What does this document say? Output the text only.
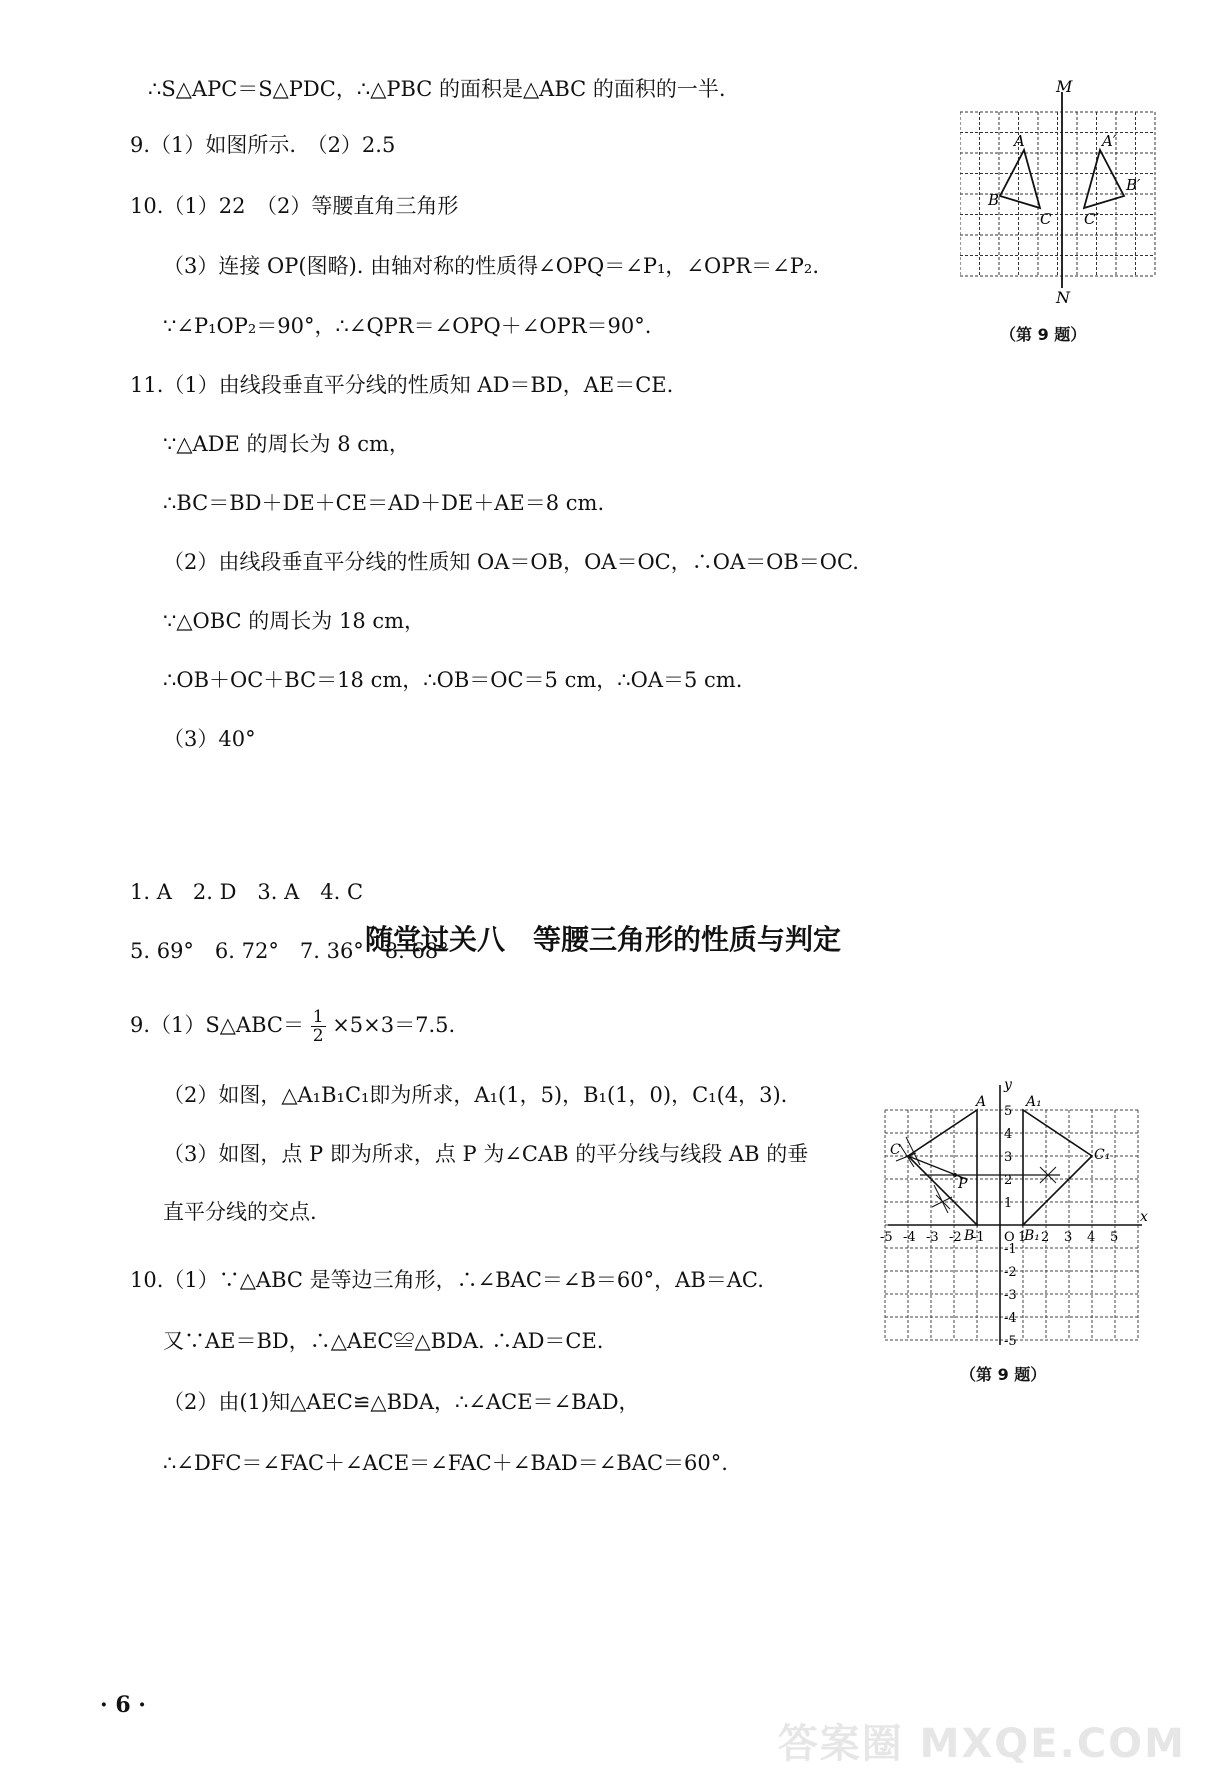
∴S△APC＝S△PDC，∴△PBC 的面积是△ABC 的面积的一半.
9.（1）如图所示.　（2）2.5
10.（1）22　（2）等腰直角三角形
（3）连接 OP(图略). 由轴对称的性质得∠OPQ＝∠P₁，∠OPR＝∠P₂.
∵∠P₁OP₂＝90°，∴∠QPR＝∠OPQ＋∠OPR＝90°.
11.（1）由线段垂直平分线的性质知 AD＝BD，AE＝CE.
∵△ADE 的周长为 8 cm，
∴BC＝BD＋DE＋CE＝AD＋DE＋AE＝8 cm.
（2）由线段垂直平分线的性质知 OA＝OB，OA＝OC，∴OA＝OB＝OC.
∵△OBC 的周长为 18 cm，
∴OB＋OC＋BC＝18 cm，∴OB＝OC＝5 cm，∴OA＝5 cm.
（3）40°
随堂过关八　等腰三角形的性质与判定
1. A　2. D　3. A　4. C
5. 69°　6. 72°　7. 36°　8. 68°
9.（1）S△ABC＝ $\frac{1}{2} \times 5\times 3=7.5$.
（2）如图，△A₁B₁C₁即为所求，A₁(1，5)，B₁(1，0)，C₁(4，3).
（3）如图，点 P 即为所求，点 P 为∠CAB 的平分线与线段 AB 的垂
直平分线的交点.
10.（1）∵△ABC 是等边三角形，∴∠BAC＝∠B＝60°，AB＝AC.
又∵AE＝BD，∴△AEC≌△BDA. ∴AD＝CE.
（2）由(1)知△AEC≌△BDA，∴∠ACE＝∠BAD，
∴∠DFC＝∠FAC＋∠ACE＝∠FAC＋∠BAD＝∠BAC＝60°.
M
N
A
B
C
A′
B′
C′
（第 9 题）
x
y
O
-5 -4 -3 -2 -1	1 2 3 4 5
5
4
3
2
1
-1
-2
-3
-4
-5
A	A₁
B	B₁
C	C₁
P
（第 9 题）
· 6 ·
答案圈 MXQE.COM
